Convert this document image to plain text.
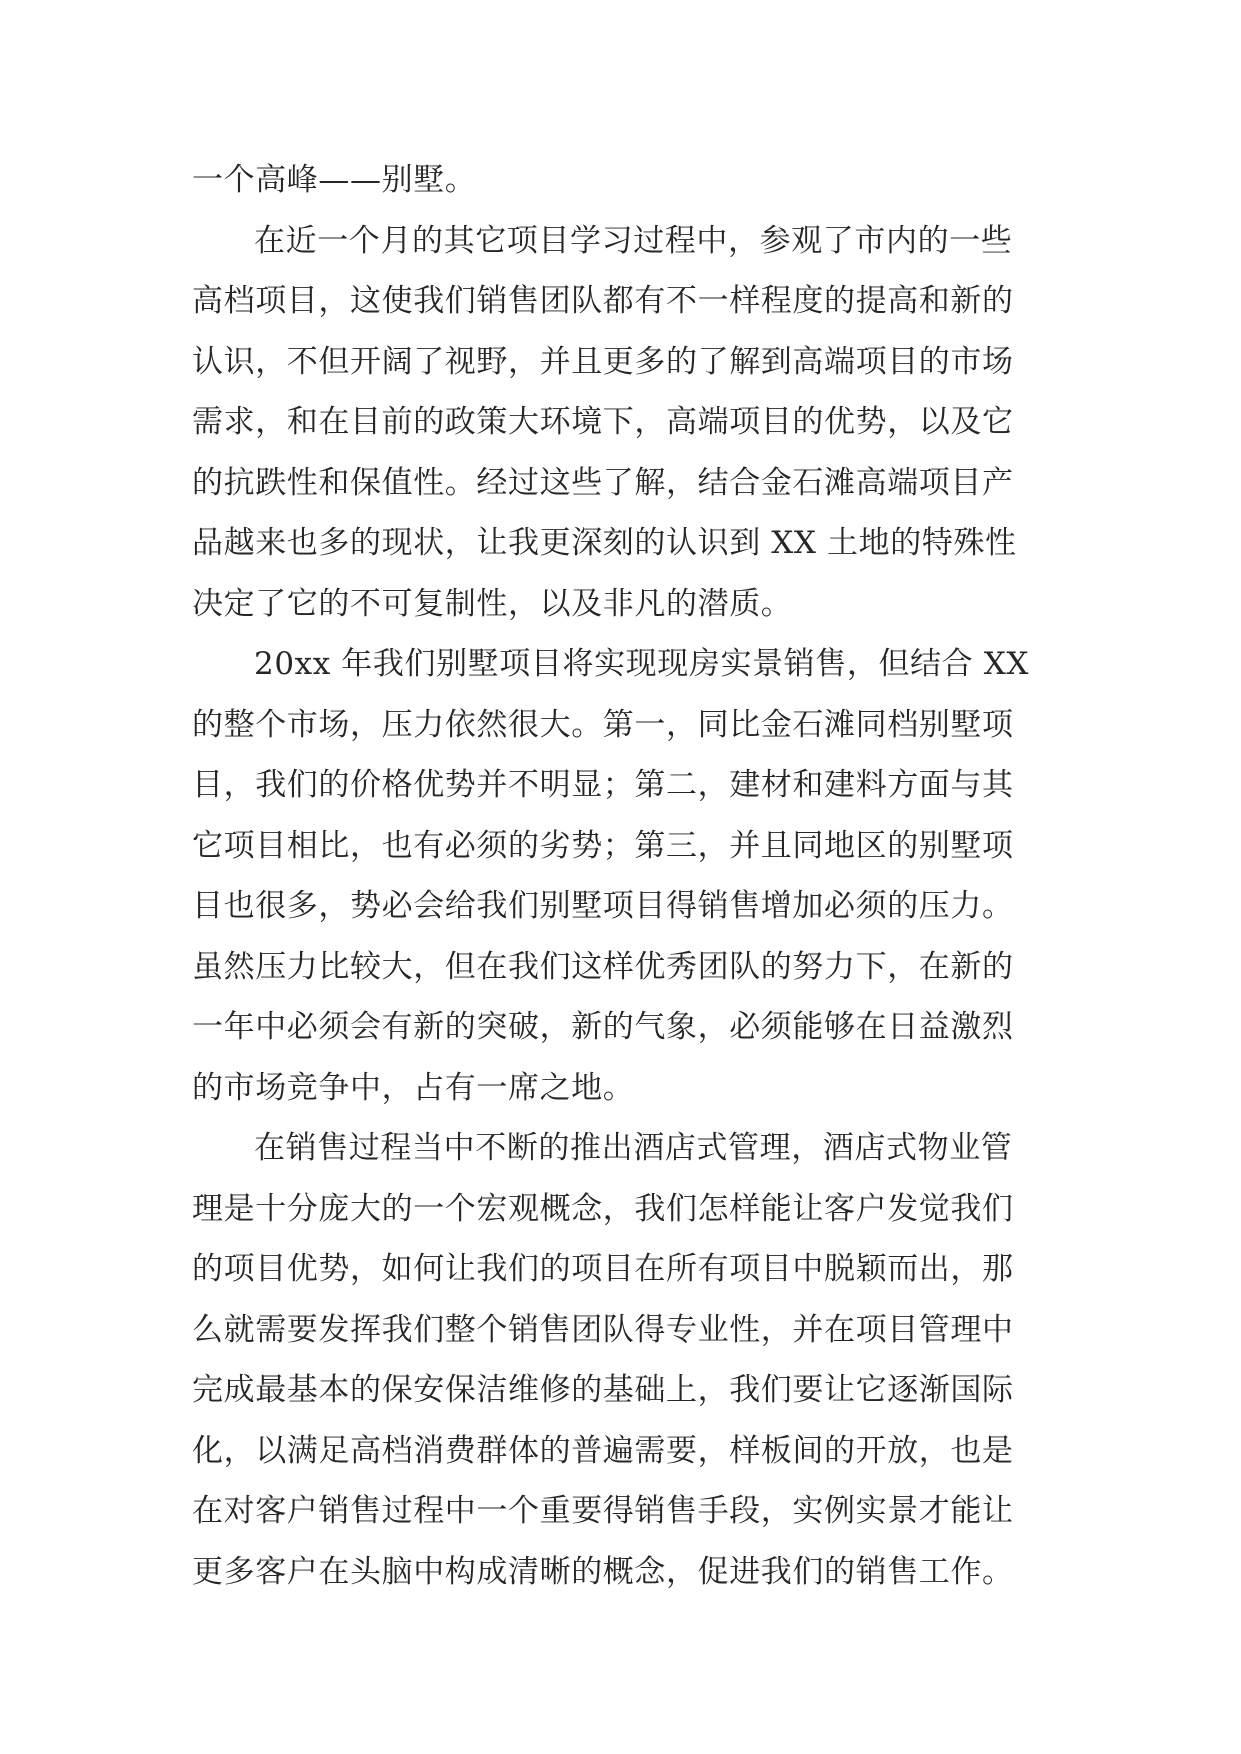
一个高峰——别墅。
在近一个月的其它项目学习过程中，参观了市内的一些
高档项目，这使我们销售团队都有不一样程度的提高和新的
认识，不但开阔了视野，并且更多的了解到高端项目的市场
需求，和在目前的政策大环境下，高端项目的优势，以及它
的抗跌性和保值性。经过这些了解，结合金石滩高端项目产
品越来也多的现状，让我更深刻的认识到 XX 土地的特殊性
决定了它的不可复制性，以及非凡的潜质。
20xx 年我们别墅项目将实现现房实景销售，但结合 XX
的整个市场，压力依然很大。第一，同比金石滩同档别墅项
目，我们的价格优势并不明显；第二，建材和建料方面与其
它项目相比，也有必须的劣势；第三，并且同地区的别墅项
目也很多，势必会给我们别墅项目得销售增加必须的压力。
虽然压力比较大，但在我们这样优秀团队的努力下，在新的
一年中必须会有新的突破，新的气象，必须能够在日益激烈
的市场竞争中，占有一席之地。
在销售过程当中不断的推出酒店式管理，酒店式物业管
理是十分庞大的一个宏观概念，我们怎样能让客户发觉我们
的项目优势，如何让我们的项目在所有项目中脱颖而出，那
么就需要发挥我们整个销售团队得专业性，并在项目管理中
完成最基本的保安保洁维修的基础上，我们要让它逐渐国际
化，以满足高档消费群体的普遍需要，样板间的开放，也是
在对客户销售过程中一个重要得销售手段，实例实景才能让
更多客户在头脑中构成清晰的概念，促进我们的销售工作。
